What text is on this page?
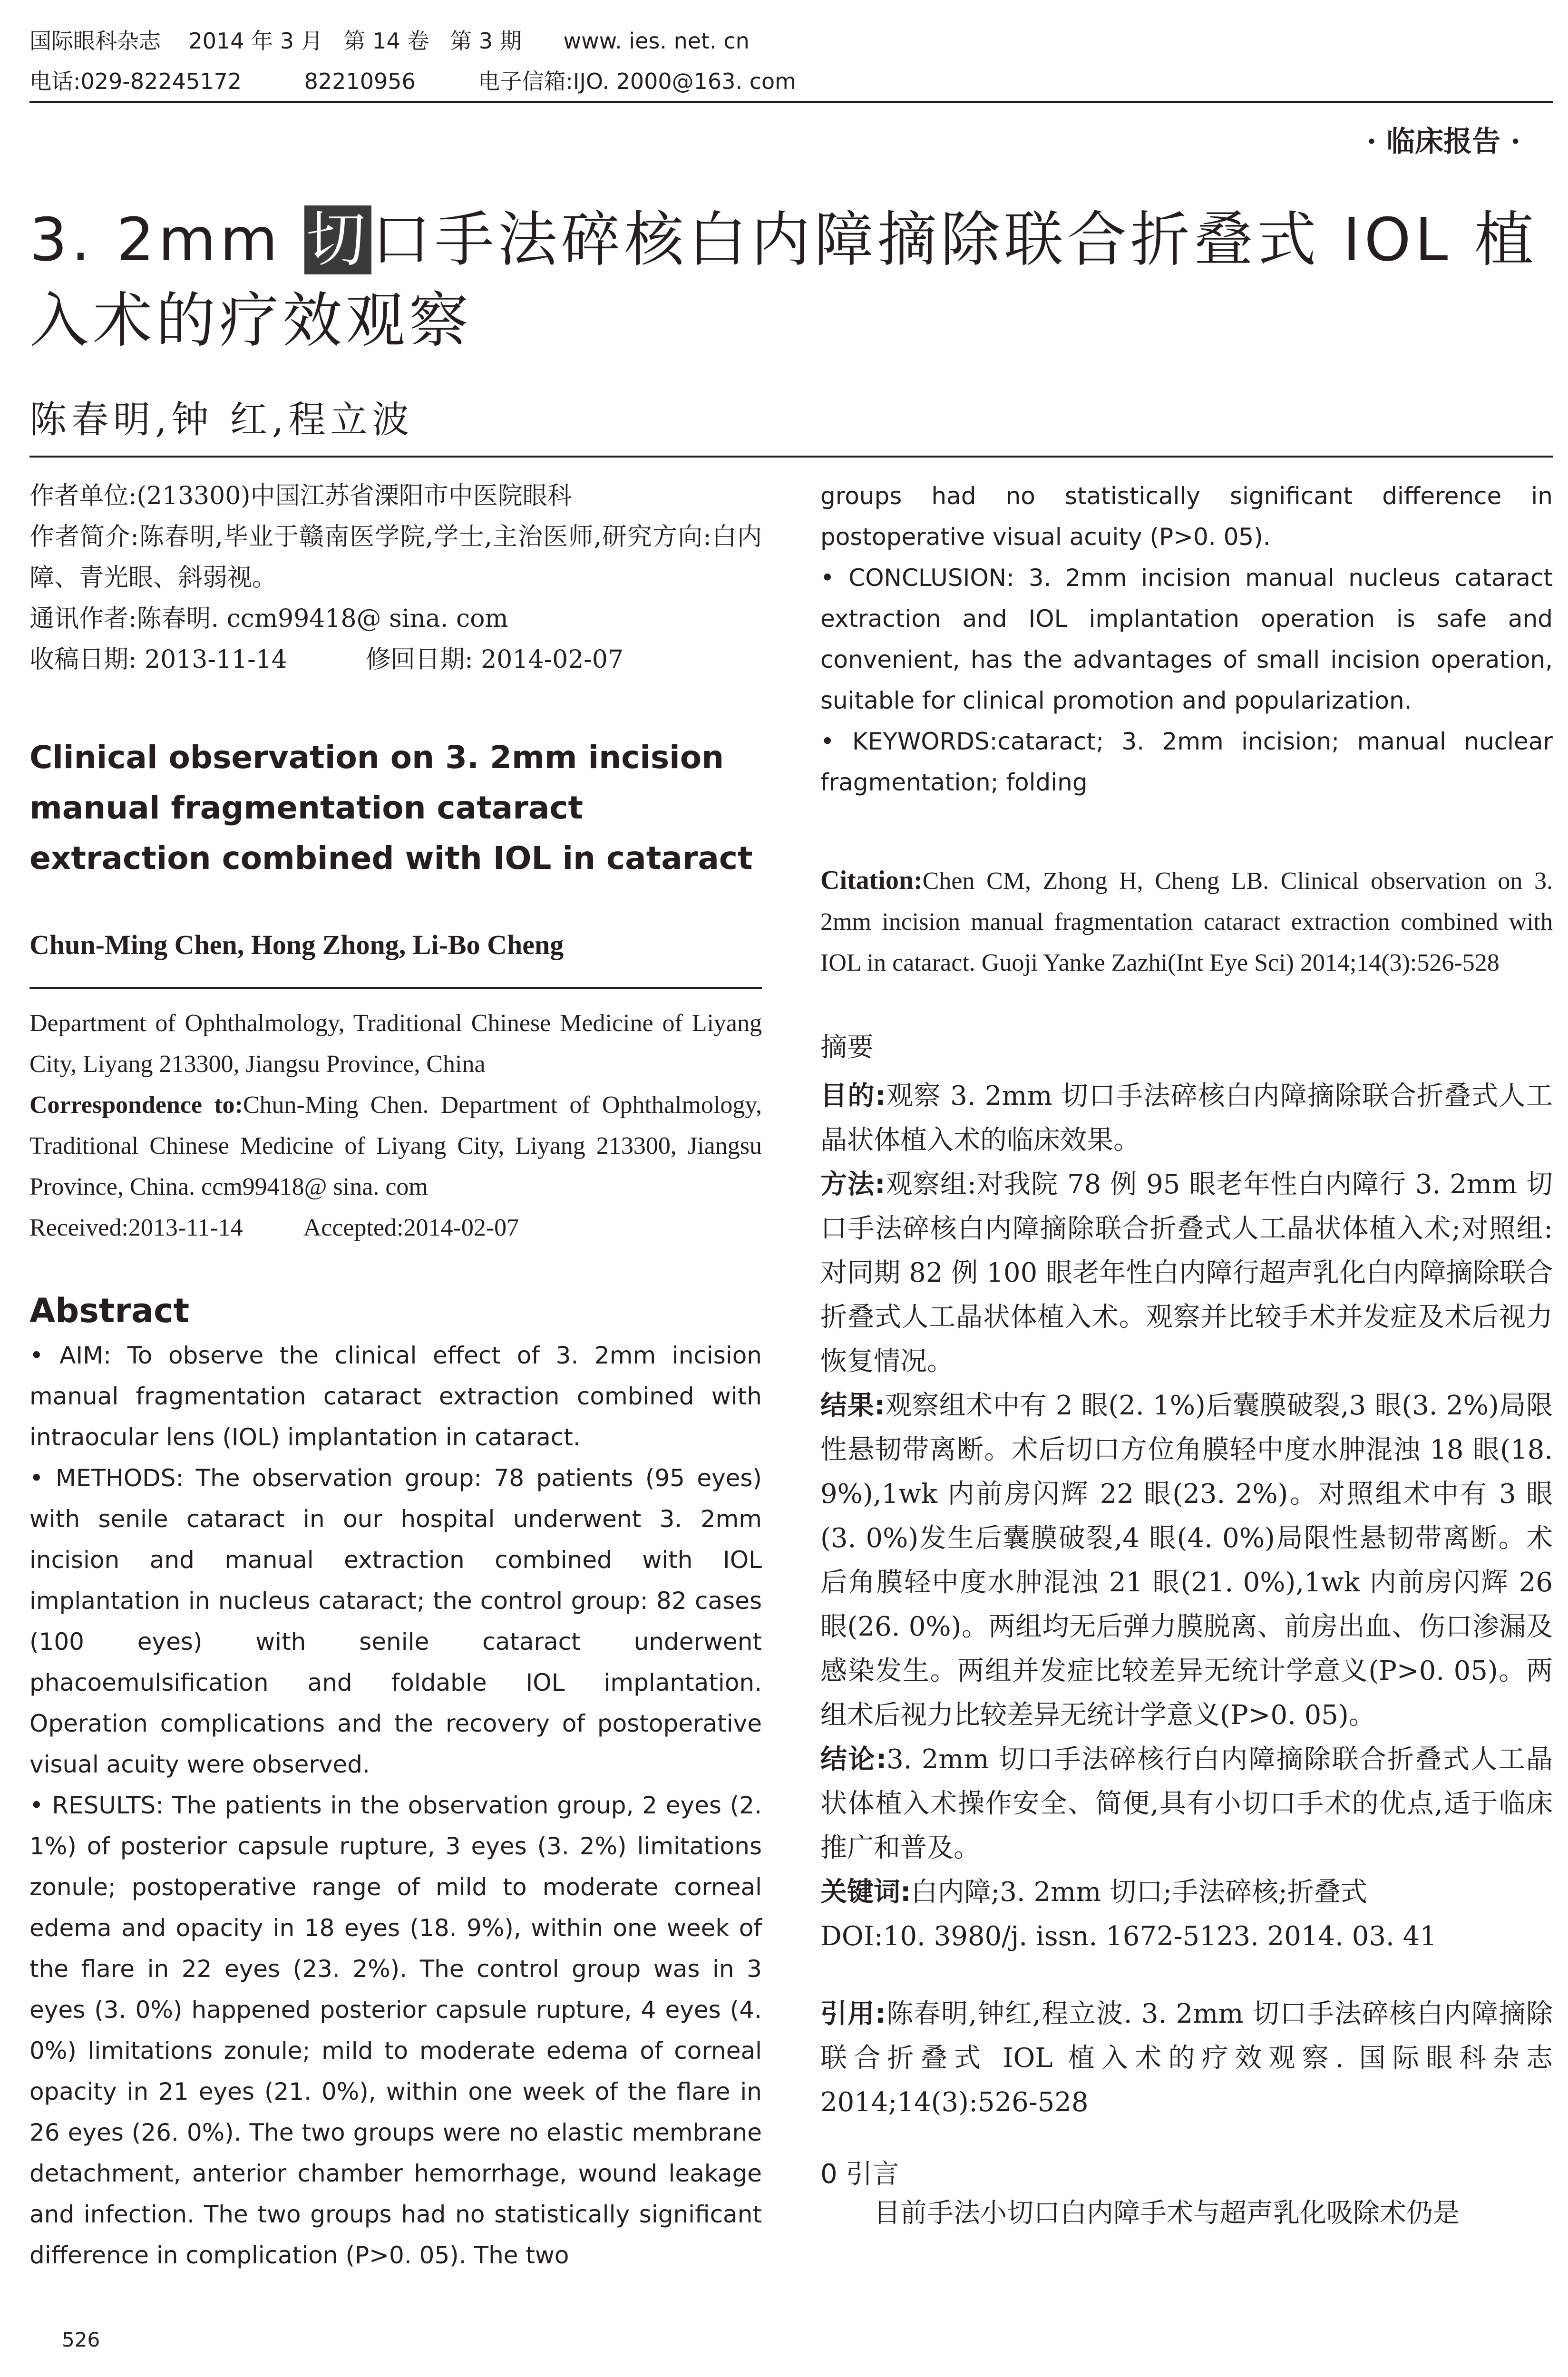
国际眼科杂志    2014 年 3 月   第 14 卷   第 3 期      www. ies. net. cn
电话:029-82245172         82210956         电子信箱:IJO. 2000@163. com
· 临床报告 ·
3. 2mm 切口手法碎核白内障摘除联合折叠式 IOL 植入术的疗效观察
陈春明,钟 红,程立波

作者单位:(213300)中国江苏省溧阳市中医院眼科

作者简介:陈春明,毕业于赣南医学院,学士,主治医师,研究方向:白内障、青光眼、斜弱视。

通讯作者:陈春明. ccm99418@ sina. com

收稿日期: 2013-11-14          修回日期: 2014-02-07

Clinical observation on 3. 2mm incision manual fragmentation cataract extraction combined with IOL in cataract

Chun-Ming Chen, Hong Zhong, Li-Bo Cheng

Department of Ophthalmology, Traditional Chinese Medicine of Liyang City, Liyang 213300, Jiangsu Province, China

Correspondence to:Chun-Ming Chen. Department of Ophthalmology, Traditional Chinese Medicine of Liyang City, Liyang 213300, Jiangsu Province, China. ccm99418@ sina. com

Received:2013-11-14          Accepted:2014-02-07

Abstract

• AIM: To observe the clinical effect of 3. 2mm incision manual fragmentation cataract extraction combined with intraocular lens (IOL) implantation in cataract.

• METHODS: The observation group: 78 patients (95 eyes) with senile cataract in our hospital underwent 3. 2mm incision and manual extraction combined with IOL implantation in nucleus cataract; the control group: 82 cases (100 eyes) with senile cataract underwent phacoemulsification and foldable IOL implantation. Operation complications and the recovery of postoperative visual acuity were observed.

• RESULTS: The patients in the observation group, 2 eyes (2. 1%) of posterior capsule rupture, 3 eyes (3. 2%) limitations zonule; postoperative range of mild to moderate corneal edema and opacity in 18 eyes (18. 9%), within one week of the flare in 22 eyes (23. 2%). The control group was in 3 eyes (3. 0%) happened posterior capsule rupture, 4 eyes (4. 0%) limitations zonule; mild to moderate edema of corneal opacity in 21 eyes (21. 0%), within one week of the flare in 26 eyes (26. 0%). The two groups were no elastic membrane detachment, anterior chamber hemorrhage, wound leakage and infection. The two groups had no statistically significant difference in complication (P>0. 05). The two

groups had no statistically significant difference in postoperative visual acuity (P>0. 05).

• CONCLUSION: 3. 2mm incision manual nucleus cataract extraction and IOL implantation operation is safe and convenient, has the advantages of small incision operation, suitable for clinical promotion and popularization.

• KEYWORDS:cataract; 3. 2mm incision; manual nuclear fragmentation; folding

Citation:Chen CM, Zhong H, Cheng LB. Clinical observation on 3. 2mm incision manual fragmentation cataract extraction combined with IOL in cataract. Guoji Yanke Zazhi(Int Eye Sci) 2014;14(3):526-528

摘要

目的:观察 3. 2mm 切口手法碎核白内障摘除联合折叠式人工晶状体植入术的临床效果。

方法:观察组:对我院 78 例 95 眼老年性白内障行 3. 2mm 切口手法碎核白内障摘除联合折叠式人工晶状体植入术;对照组:对同期 82 例 100 眼老年性白内障行超声乳化白内障摘除联合折叠式人工晶状体植入术。观察并比较手术并发症及术后视力恢复情况。

结果:观察组术中有 2 眼(2. 1%)后囊膜破裂,3 眼(3. 2%)局限性悬韧带离断。术后切口方位角膜轻中度水肿混浊 18 眼(18. 9%),1wk 内前房闪辉 22 眼(23. 2%)。对照组术中有 3 眼(3. 0%)发生后囊膜破裂,4 眼(4. 0%)局限性悬韧带离断。术后角膜轻中度水肿混浊 21 眼(21. 0%),1wk 内前房闪辉 26 眼(26. 0%)。两组均无后弹力膜脱离、前房出血、伤口渗漏及感染发生。两组并发症比较差异无统计学意义(P>0. 05)。两组术后视力比较差异无统计学意义(P>0. 05)。

结论:3. 2mm 切口手法碎核行白内障摘除联合折叠式人工晶状体植入术操作安全、简便,具有小切口手术的优点,适于临床推广和普及。

关键词:白内障;3. 2mm 切口;手法碎核;折叠式

DOI:10. 3980/j. issn. 1672-5123. 2014. 03. 41

引用:陈春明,钟红,程立波. 3. 2mm 切口手法碎核白内障摘除联合折叠式 IOL 植入术的疗效观察. 国际眼科杂志 2014;14(3):526-528

0 引言

目前手法小切口白内障手术与超声乳化吸除术仍是

526
